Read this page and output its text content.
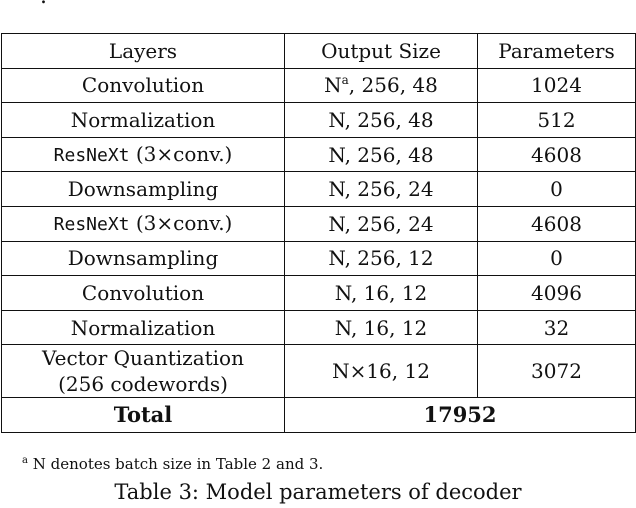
Layers	Output Size	Parameters
Convolution	N$^a$, 256, 48	1024
Normalization	N, 256, 48	512
ResNeXt (3×conv.)	N, 256, 48	4608
Downsampling	N, 256, 24	0
ResNeXt (3×conv.)	N, 256, 24	4608
Downsampling	N, 256, 12	0
Convolution	N, 16, 12	4096
Normalization	N, 16, 12	32
Vector Quantization
(256 codewords)	N×16, 12	3072
Total	17952	
$^a$ N denotes batch size in Table 2 and 3.
Table 3: Model parameters of decoder
